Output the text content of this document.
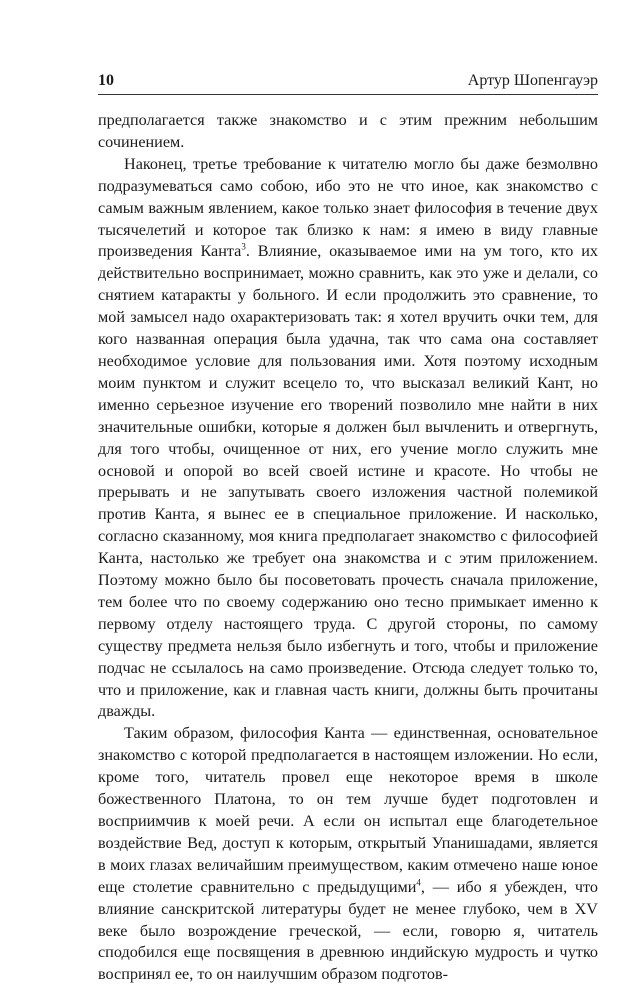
10	Артур Шопенгауэр

предполагается также знакомство и с этим прежним небольшим сочинением.

Наконец, третье требование к читателю могло бы даже безмолвно подразумеваться само собою, ибо это не что иное, как знакомство с самым важным явлением, какое только знает философия в течение двух тысячелетий и которое так близко к нам: я имею в виду главные произведения Канта$^3$. Влияние, оказываемое ими на ум того, кто их действительно воспринимает, можно сравнить, как это уже и делали, со снятием катаракты у больного. И если продолжить это сравнение, то мой замысел надо охарактеризовать так: я хотел вручить очки тем, для кого названная операция была удачна, так что сама она составляет необходимое условие для пользования ими. Хотя поэтому исходным моим пунктом и служит всецело то, что высказал великий Кант, но именно серьезное изучение его творений позволило мне найти в них значительные ошибки, которые я должен был вычленить и отвергнуть, для того чтобы, очищенное от них, его учение могло служить мне основой и опорой во всей своей истине и красоте. Но чтобы не прерывать и не запутывать своего изложения частной полемикой против Канта, я вынес ее в специальное приложение. И насколько, согласно сказанному, моя книга предполагает знакомство с философией Канта, настолько же требует она знакомства и с этим приложением. Поэтому можно было бы посоветовать прочесть сначала приложение, тем более что по своему содержанию оно тесно примыкает именно к первому отделу настоящего труда. С другой стороны, по самому существу предмета нельзя было избегнуть и того, чтобы и приложение подчас не ссылалось на само произведение. Отсюда следует только то, что и приложение, как и главная часть книги, должны быть прочитаны дважды.

Таким образом, философия Канта — единственная, основательное знакомство с которой предполагается в настоящем изложении. Но если, кроме того, читатель провел еще некоторое время в школе божественного Платона, то он тем лучше будет подготовлен и восприимчив к моей речи. А если он испытал еще благодетельное воздействие Вед, доступ к которым, открытый Упанишадами, является в моих глазах величайшим преимуществом, каким отмечено наше юное еще столетие сравнительно с предыдущими$^4$, — ибо я убежден, что влияние санскритской литературы будет не менее глубоко, чем в XV веке было возрождение греческой, — если, говорю я, читатель сподобился еще посвящения в древнюю индийскую мудрость и чутко воспринял ее, то он наилучшим образом подготов-
